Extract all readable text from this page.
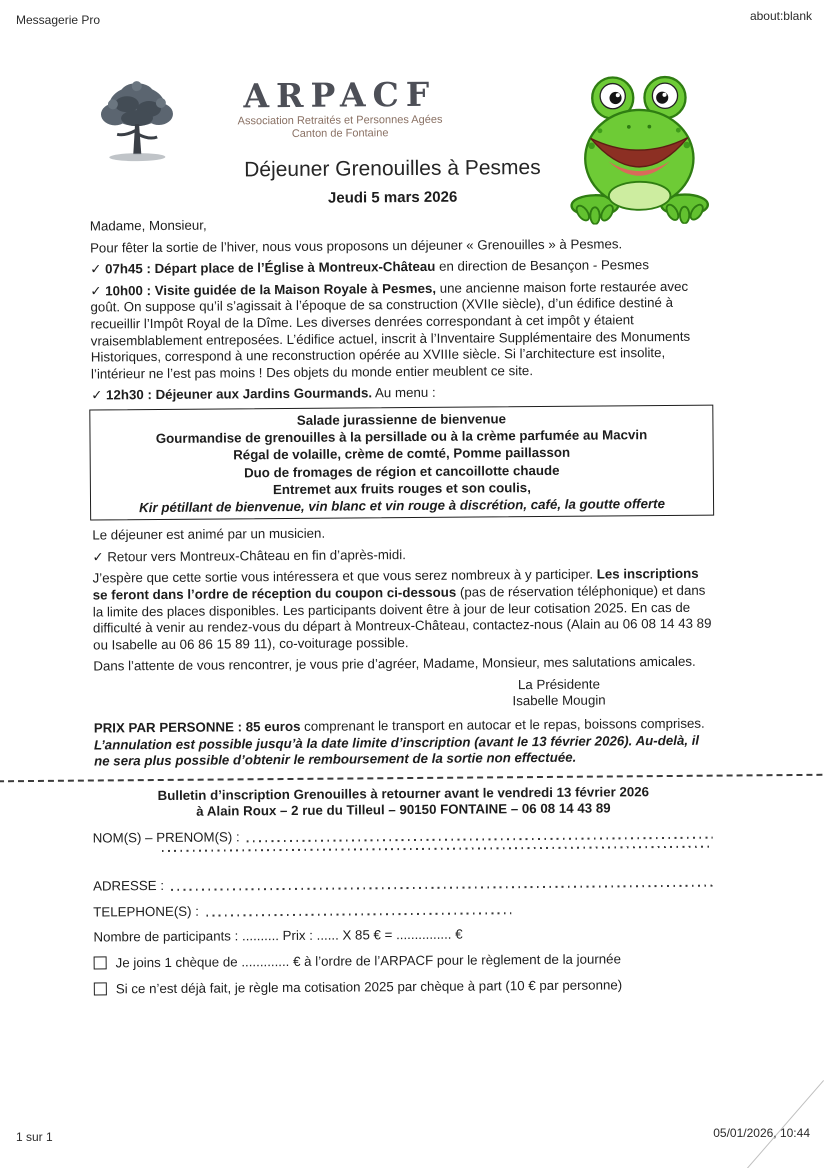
Messagerie Pro	about:blank
ARPACF
Association Retraités et Personnes Agées
Canton de Fontaine
Déjeuner Grenouilles à Pesmes
Jeudi 5 mars 2026

Madame, Monsieur,

Pour fêter la sortie de l’hiver, nous vous proposons un déjeuner « Grenouilles » à Pesmes.

✓ 07h45 : Départ place de l’Église à Montreux-Château en direction de Besançon - Pesmes

✓ 10h00 : Visite guidée de la Maison Royale à Pesmes, une ancienne maison forte restaurée avec goût. On suppose qu’il s’agissait à l’époque de sa construction (XVIIe siècle), d’un édifice destiné à recueillir l’Impôt Royal de la Dîme. Les diverses denrées correspondant à cet impôt y étaient vraisemblablement entreposées. L’édifice actuel, inscrit à l’Inventaire Supplémentaire des Monuments Historiques, correspond à une reconstruction opérée au XVIIIe siècle. Si l’architecture est insolite, l’intérieur ne l’est pas moins ! Des objets du monde entier meublent ce site.

✓ 12h30 : Déjeuner aux Jardins Gourmands. Au menu :

Salade jurassienne de bienvenue
Gourmandise de grenouilles à la persillade ou à la crème parfumée au Macvin
Régal de volaille, crème de comté, Pomme paillasson
Duo de fromages de région et cancoillotte chaude
Entremet aux fruits rouges et son coulis,
Kir pétillant de bienvenue, vin blanc et vin rouge à discrétion, café, la goutte offerte

Le déjeuner est animé par un musicien.

✓ Retour vers Montreux-Château en fin d’après-midi.

J’espère que cette sortie vous intéressera et que vous serez nombreux à y participer. Les inscriptions se feront dans l’ordre de réception du coupon ci-dessous (pas de réservation téléphonique) et dans la limite des places disponibles. Les participants doivent être à jour de leur cotisation 2025. En cas de difficulté à venir au rendez-vous du départ à Montreux-Château, contactez-nous (Alain au 06 08 14 43 89 ou Isabelle au 06 86 15 89 11), co-voiturage possible.

Dans l’attente de vous rencontrer, je vous prie d’agréer, Madame, Monsieur, mes salutations amicales.

La Présidente
Isabelle Mougin

PRIX PAR PERSONNE : 85 euros comprenant le transport en autocar et le repas, boissons comprises. L’annulation est possible jusqu’à la date limite d’inscription (avant le 13 février 2026). Au-delà, il ne sera plus possible d’obtenir le remboursement de la sortie non effectuée.

Bulletin d’inscription Grenouilles à retourner avant le vendredi 13 février 2026
à Alain Roux – 2 rue du Tilleul – 90150 FONTAINE – 06 08 14 43 89
NOM(S) – PRENOM(S) :
ADRESSE :
TELEPHONE(S) :

Nombre de participants : .......... Prix : ...... X 85 € = ............... €

Je joins 1 chèque de ............. € à l’ordre de l’ARPACF pour le règlement de la journée
Si ce n’est déjà fait, je règle ma cotisation 2025 par chèque à part (10 € par personne)
1 sur 1	05/01/2026, 10:44
